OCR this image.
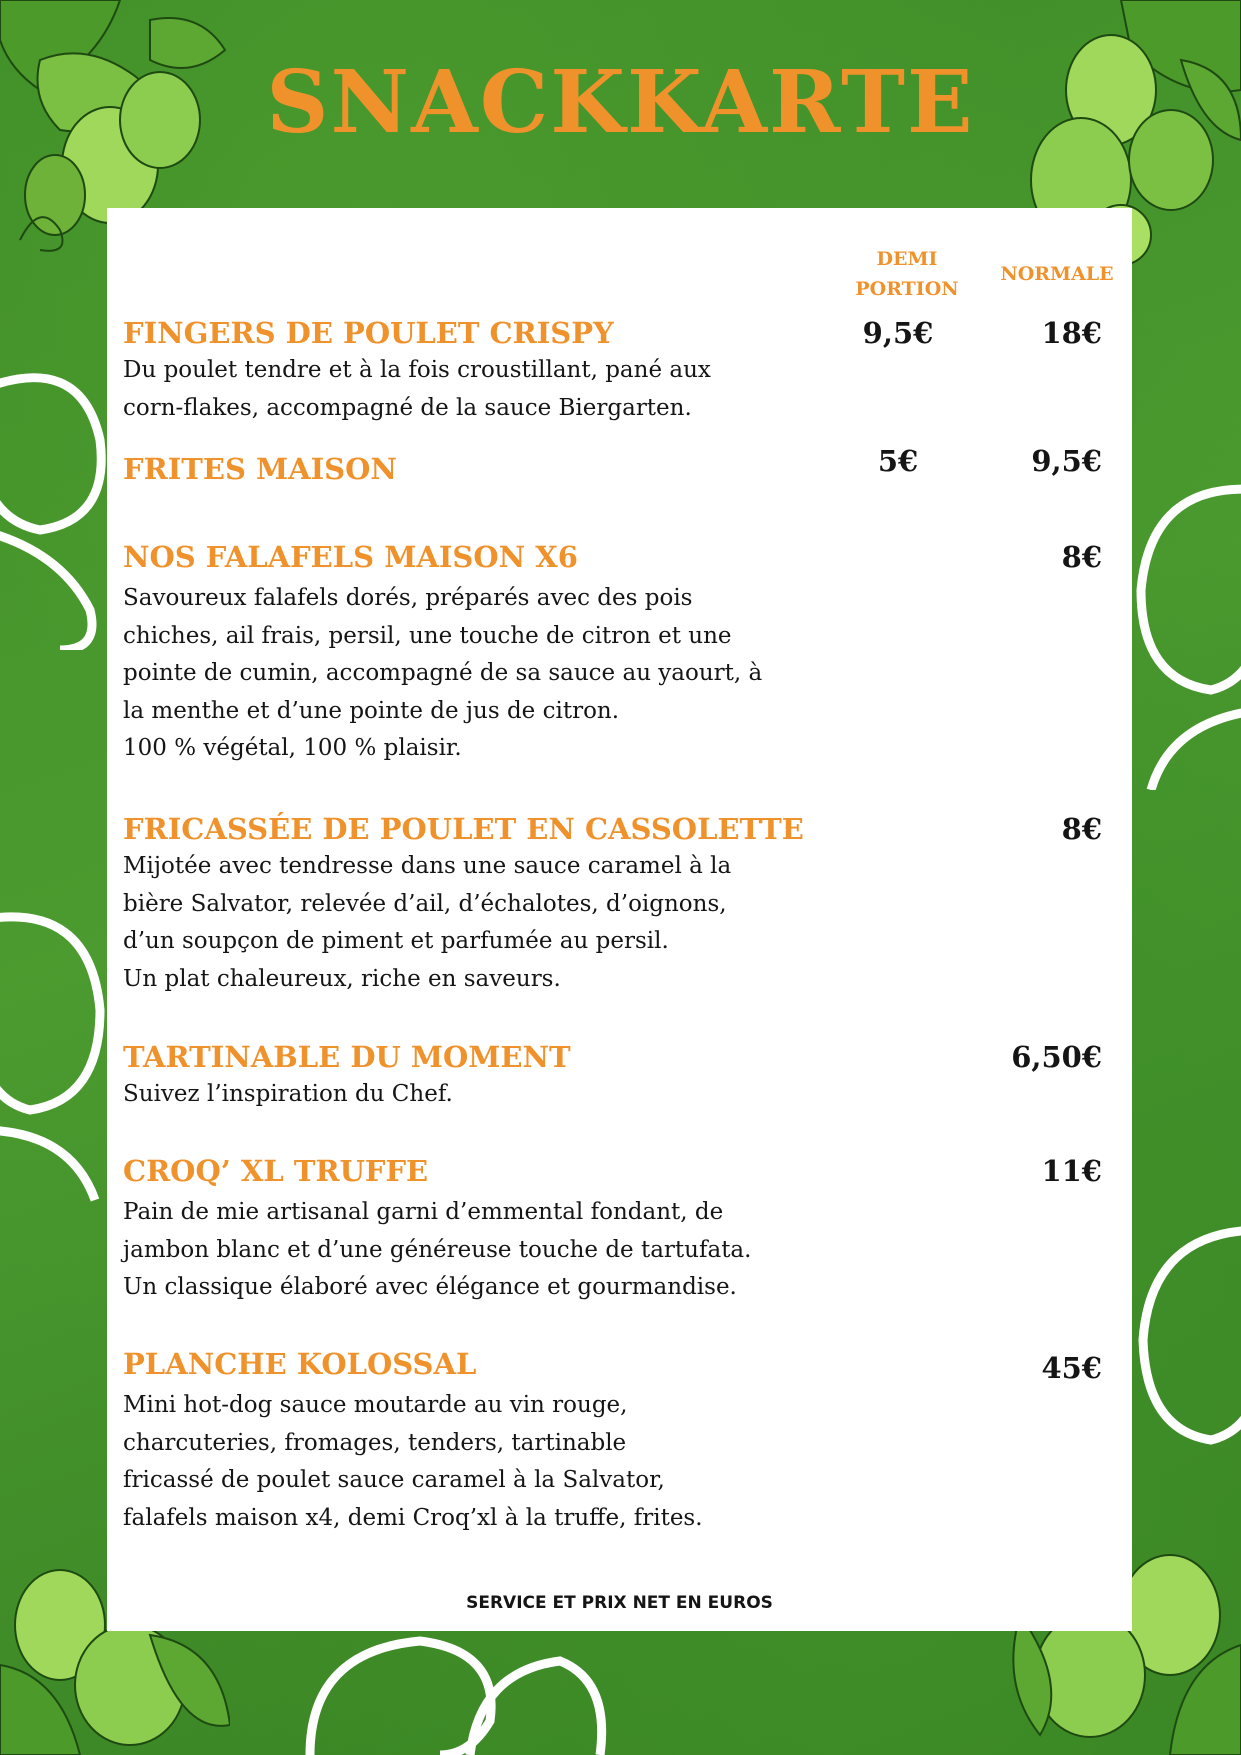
SNACKKARTE
DEMI
PORTION
NORMALE
FINGERS DE POULET CRISPY
Du poulet tendre et à la fois croustillant, pané aux
corn-flakes, accompagné de la sauce Biergarten.
9,5€	18€
FRITES MAISON	5€	9,5€
NOS FALAFELS MAISON X6
Savoureux falafels dorés, préparés avec des pois
chiches, ail frais, persil, une touche de citron et une
pointe de cumin, accompagné de sa sauce au yaourt, à
la menthe et d’une pointe de jus de citron.
100 % végétal, 100 % plaisir.
8€
FRICASSÉE DE POULET EN CASSOLETTE
Mijotée avec tendresse dans une sauce caramel à la
bière Salvator, relevée d’ail, d’échalotes, d’oignons,
d’un soupçon de piment et parfumée au persil.
Un plat chaleureux, riche en saveurs.
8€
TARTINABLE DU MOMENT
Suivez l’inspiration du Chef.
6,50€
CROQ’ XL TRUFFE
Pain de mie artisanal garni d’emmental fondant, de
jambon blanc et d’une généreuse touche de tartufata.
Un classique élaboré avec élégance et gourmandise.
11€
PLANCHE KOLOSSAL
Mini hot-dog sauce moutarde au vin rouge,
charcuteries, fromages, tenders, tartinable
fricassé de poulet sauce caramel à la Salvator,
falafels maison x4, demi Croq’xl à la truffe, frites.
45€
SERVICE ET PRIX NET EN EUROS
